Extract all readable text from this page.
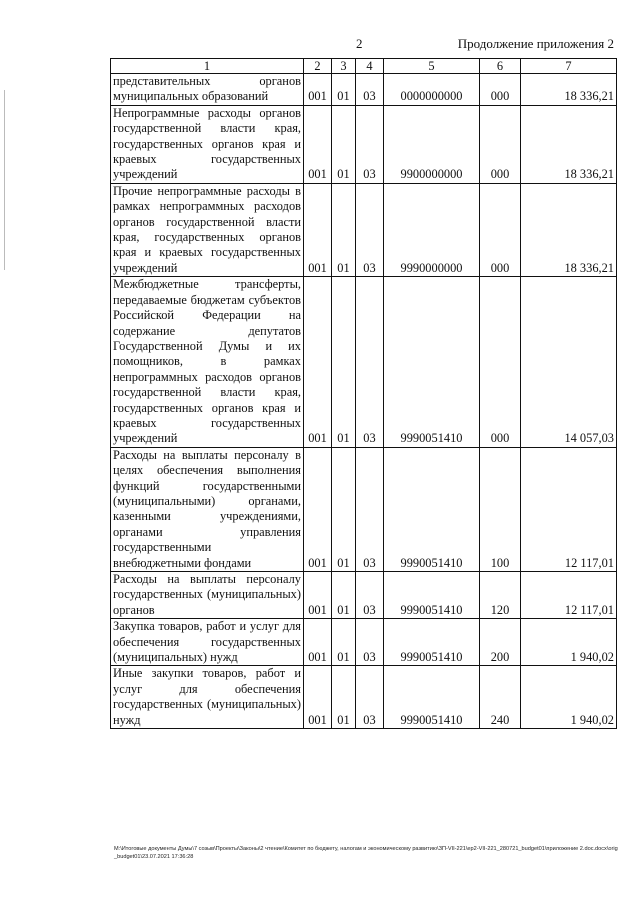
2	Продолжение приложения 2
1	2	3	4	5	6	7
представительных органов муниципальных образований	001	01	03	0000000000	000	18 336,21
Непрограммные расходы органов государственной власти края, государственных органов края и краевых государственных учреждений	001	01	03	9900000000	000	18 336,21
Прочие непрограммные расходы в рамках непрограммных расходов органов государственной власти края, государственных органов края и краевых государственных учреждений	001	01	03	9990000000	000	18 336,21
Межбюджетные трансферты, передаваемые бюджетам субъектов Российской Федерации на содержание депутатов Государственной Думы и их помощников, в рамках непрограммных расходов органов государственной власти края, государственных органов края и краевых государственных учреждений	001	01	03	9990051410	000	14 057,03
Расходы на выплаты персоналу в целях обеспечения выполнения функций государственными (муниципальными) органами, казенными учреждениями, органами управления государственными внебюджетными фондами	001	01	03	9990051410	100	12 117,01
Расходы на выплаты персоналу государственных (муниципальных) органов	001	01	03	9990051410	120	12 117,01
Закупка товаров, работ и услуг для обеспечения государственных (муниципальных) нужд	001	01	03	9990051410	200	1 940,02
Иные закупки товаров, работ и услуг для обеспечения государственных (муниципальных) нужд	001	01	03	9990051410	240	1 940,02
M:\Итоговые документы Думы\7 созыв\Проекты\Законы\2 чтение\Комитет по бюджету, налогам и экономическому развитию\ЗП-VII-221\ep2-VII-221_280721_budget01\приложение 2.doc.docx\orig_budget01\23.07.2021 17:36:28
